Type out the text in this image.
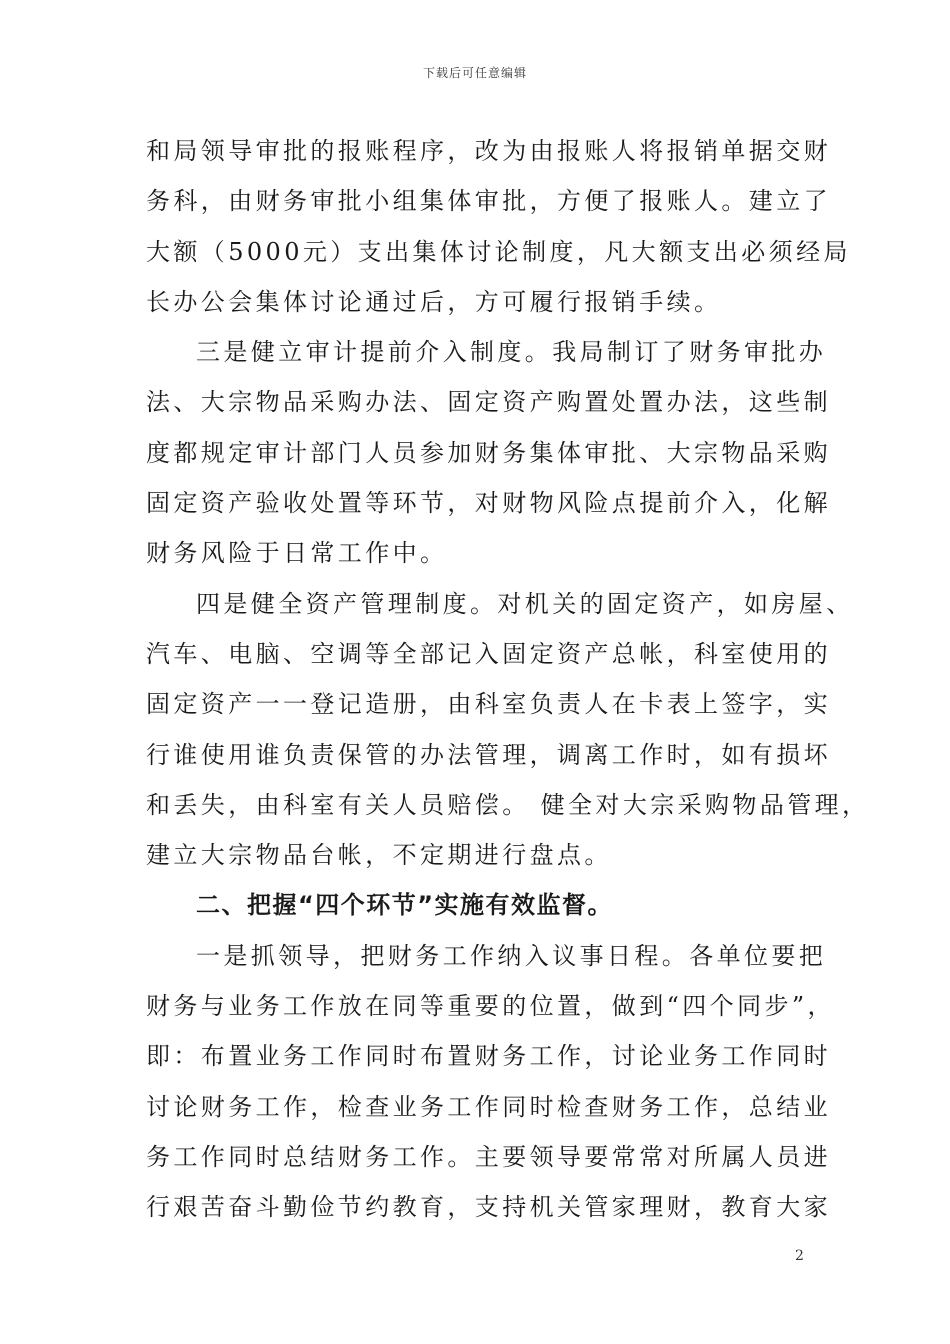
下载后可任意编辑
和局领导审批的报账程序，改为由报账人将报销单据交财
务科，由财务审批小组集体审批，方便了报账人。建立了
大额（5000元）支出集体讨论制度，凡大额支出必须经局
长办公会集体讨论通过后，方可履行报销手续。
三是健立审计提前介入制度。我局制订了财务审批办
法、大宗物品采购办法、固定资产购置处置办法，这些制
度都规定审计部门人员参加财务集体审批、大宗物品采购
固定资产验收处置等环节，对财物风险点提前介入，化解
财务风险于日常工作中。
四是健全资产管理制度。对机关的固定资产，如房屋、
汽车、电脑、空调等全部记入固定资产总帐，科室使用的
固定资产一一登记造册，由科室负责人在卡表上签字，实
行谁使用谁负责保管的办法管理，调离工作时，如有损坏
和丢失，由科室有关人员赔偿。 健全对大宗采购物品管理，
建立大宗物品台帐，不定期进行盘点。
二、把握“四个环节”实施有效监督。
一是抓领导，把财务工作纳入议事日程。各单位要把
财务与业务工作放在同等重要的位置，做到“四个同步”，
即：布置业务工作同时布置财务工作，讨论业务工作同时
讨论财务工作，检查业务工作同时检查财务工作，总结业
务工作同时总结财务工作。主要领导要常常对所属人员进
行艰苦奋斗勤俭节约教育，支持机关管家理财，教育大家
2
